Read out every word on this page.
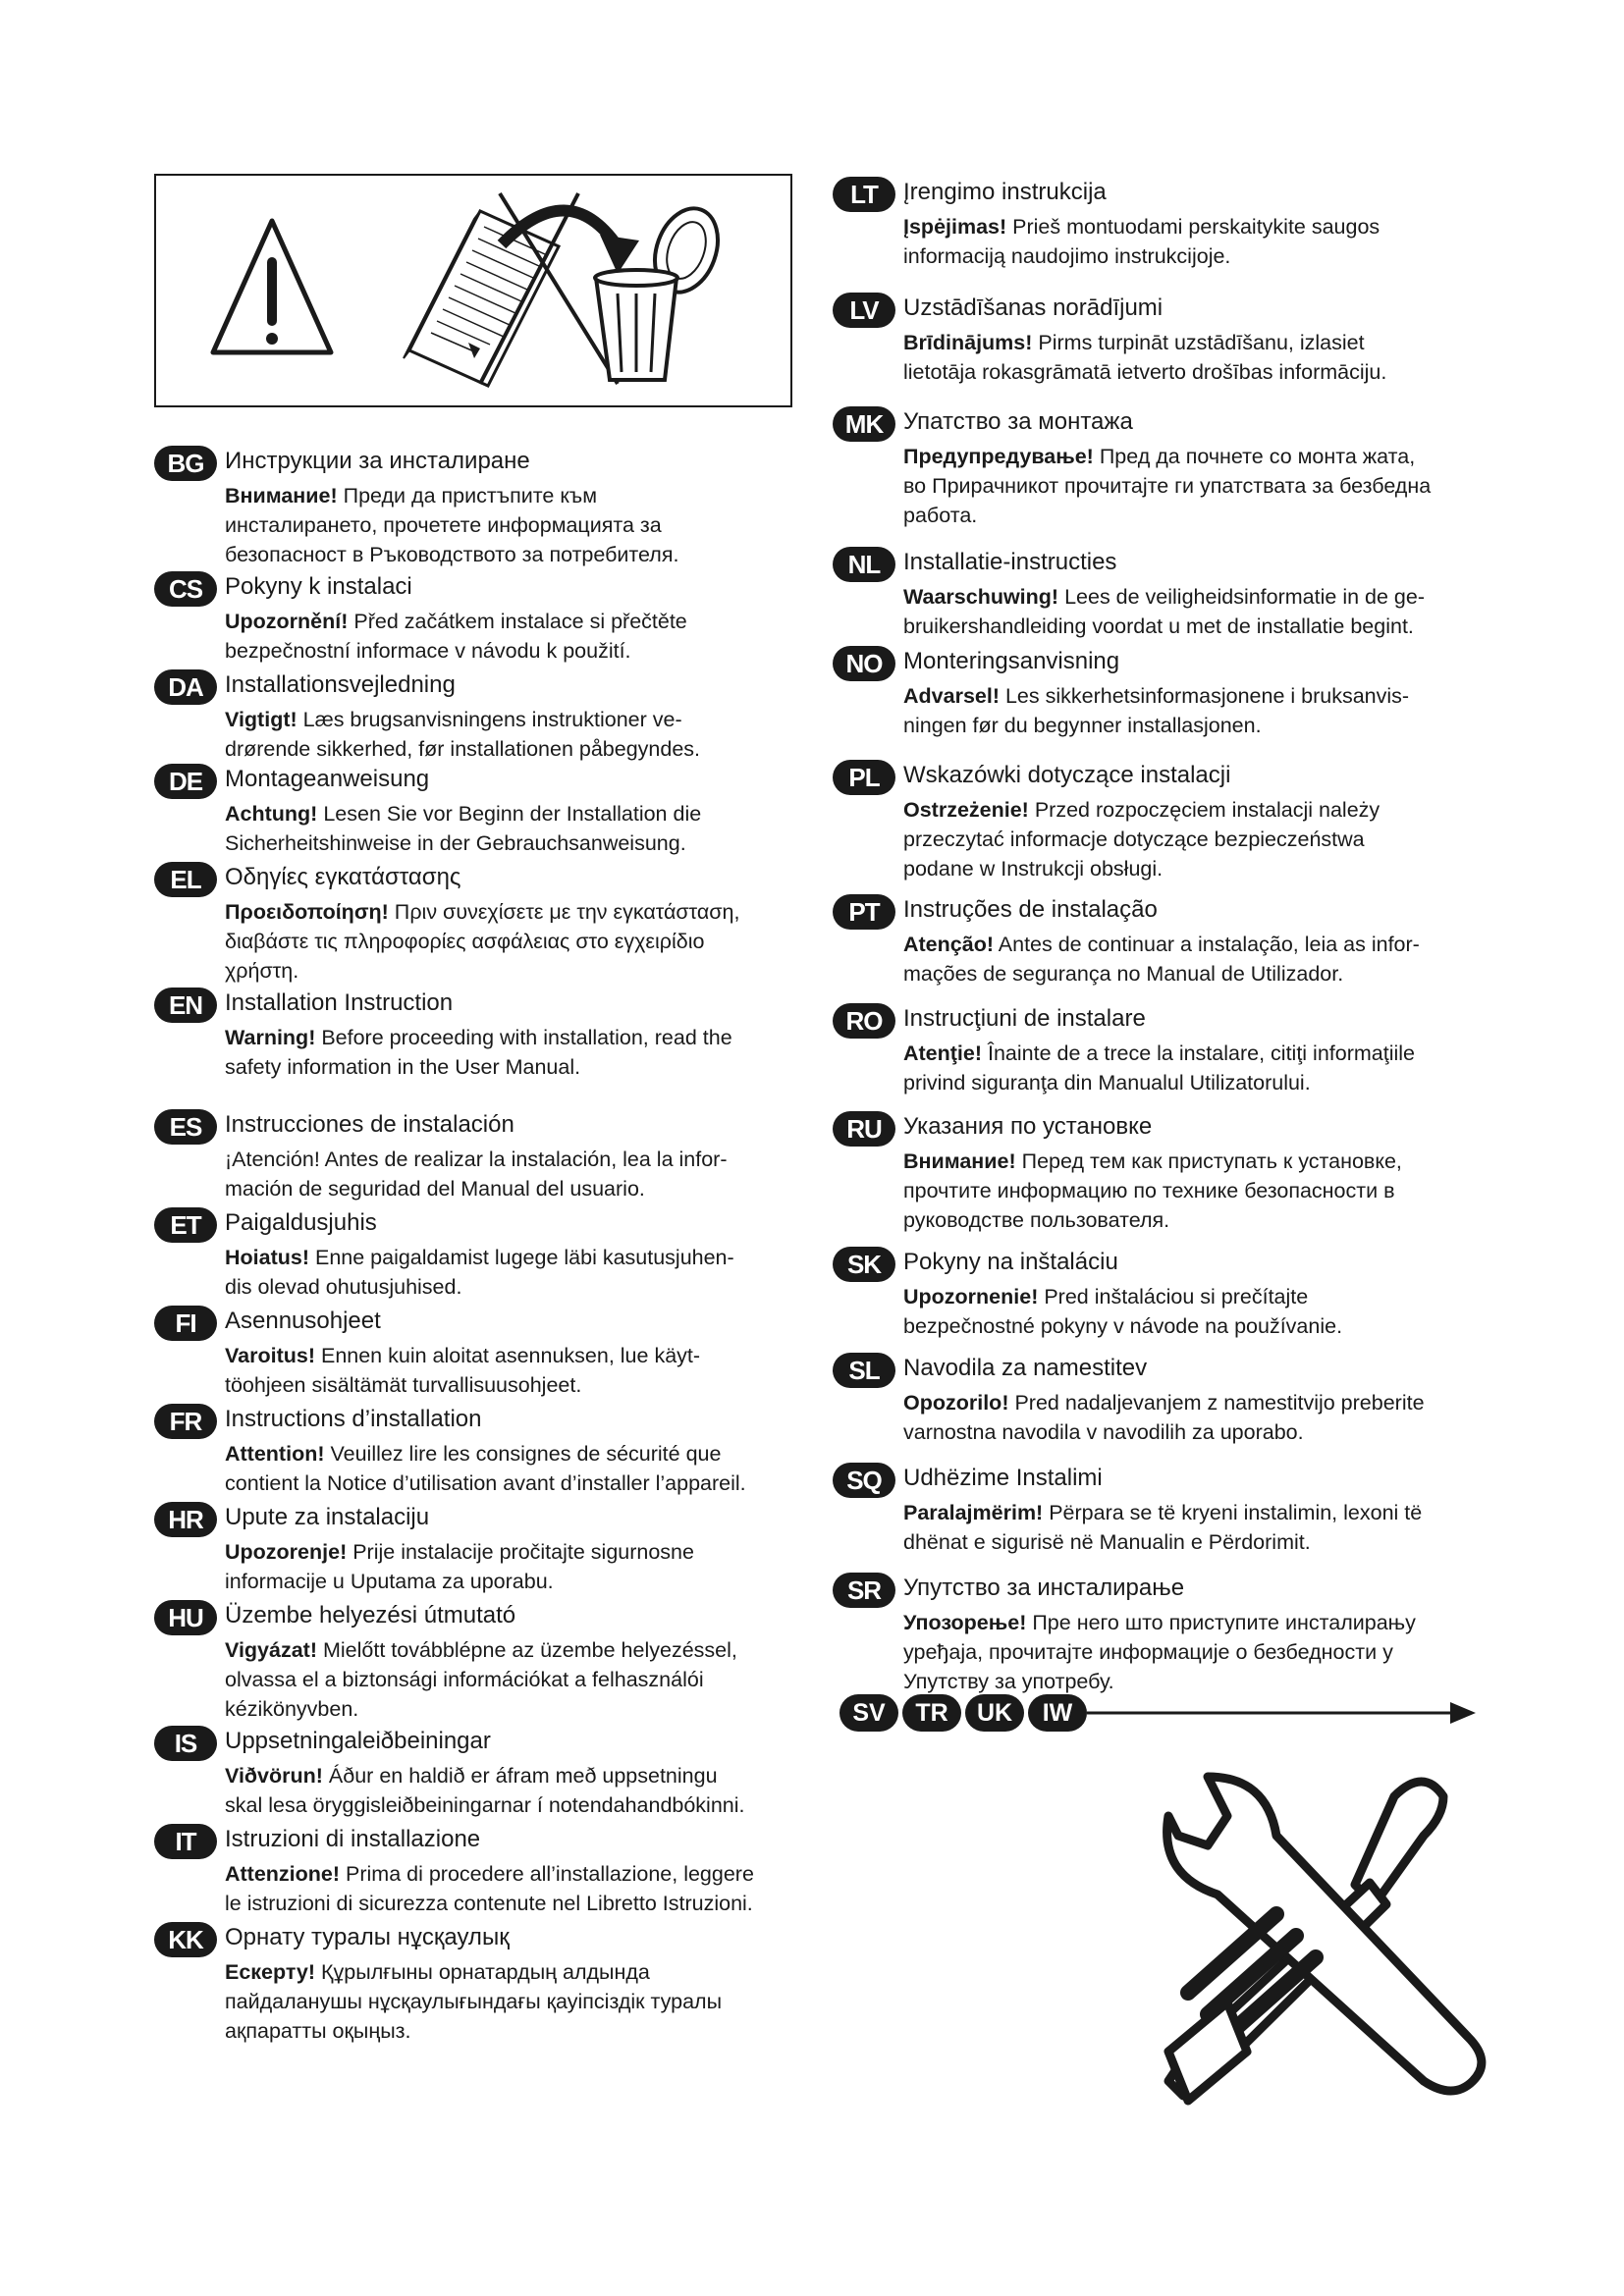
BG Инструкции за инсталиране
Внимание! Преди да пристъпите към
инсталирането, прочетете информацията за
безопасност в Ръководството за потребителя.
CS Pokyny k instalaci
Upozornění! Před začátkem instalace si přečtěte
bezpečnostní informace v návodu k použití.
DA Installationsvejledning
Vigtigt! Læs brugsanvisningens instruktioner ve-
drørende sikkerhed, før installationen påbegyndes.
DE Montageanweisung
Achtung! Lesen Sie vor Beginn der Installation die
Sicherheitshinweise in der Gebrauchsanweisung.
EL	Οδηγίες εγκατάστασης
Προειδοποίηση! Πριν συνεχίσετε με την εγκατάσταση,
διαβάστε τις πληροφορίες ασφάλειας στο εγχειρίδιο
χρήστη.
EN Installation Instruction
Warning! Before proceeding with installation, read the
safety information in the User Manual.
ES Instrucciones de instalación
¡Atención! Antes de realizar la instalación, lea la infor-
mación de seguridad del Manual del usuario.
ET	Paigaldusjuhis
Hoiatus! Enne paigaldamist lugege läbi kasutusjuhen-
dis olevad ohutusjuhised.
FI	Asennusohjeet
Varoitus! Ennen kuin aloitat asennuksen, lue käyt-
töohjeen sisältämät turvallisuusohjeet.
FR Instructions d’installation
Attention! Veuillez lire les consignes de sécurité que
contient la Notice d’utilisation avant d’installer l’appareil.
HR Upute za instalaciju
Upozorenje! Prije instalacije pročitajte sigurnosne
informacije u Uputama za uporabu.
HU Üzembe helyezési útmutató
Vigyázat! Mielőtt továbblépne az üzembe helyezéssel,
olvassa el a biztonsági információkat a felhasználói
kézikönyvben.
IS	Uppsetningaleiðbeiningar
Viðvörun! Áður en haldið er áfram með uppsetningu
skal lesa öryggisleiðbeiningarnar í notendahandbókinni.
IT	Istruzioni di installazione
Attenzione! Prima di procedere all’installazione, leggere
le istruzioni di sicurezza contenute nel Libretto Istruzioni.
KK Орнату туралы нұсқаулық
Ескерту! Құрылғыны орнатардың алдында
пайдаланушы нұсқаулығындағы қауіпсіздік туралы
ақпаратты оқыңыз.
LT	Įrengimo instrukcija
Įspėjimas! Prieš montuodami perskaitykite saugos
informaciją naudojimo instrukcijoje.
LV	Uzstādīšanas norādījumi
Brīdinājums! Pirms turpināt uzstādīšanu, izlasiet
lietotāja rokasgrāmatā ietverto drošības informāciju.
MK Упатство за монтажа
Предупредување! Пред да почнете со монта жата,
во Прирачникот прочитајте ги упатствата за безбедна
работа.
NL Installatie-instructies
Waarschuwing! Lees de veiligheidsinformatie in de ge-
bruikershandleiding voordat u met de installatie begint.
NO Monteringsanvisning
Advarsel! Les sikkerhetsinformasjonene i bruksanvis-
ningen før du begynner installasjonen.
PL	Wskazówki dotyczące instalacji
Ostrzeżenie! Przed rozpoczęciem instalacji należy
przeczytać informacje dotyczące bezpieczeństwa
podane w Instrukcji obsługi.
PT	Instruções de instalação
Atenção! Antes de continuar a instalação, leia as infor-
mações de segurança no Manual de Utilizador.
RO Instrucţiuni de instalare
Atenţie! Înainte de a trece la instalare, citiţi informaţiile
privind siguranţa din Manualul Utilizatorului.
RU Указания по установке
Внимание! Перед тем как приступать к установке,
прочтите информацию по технике безопасности в
руководстве пользователя.
SK Pokyny na inštaláciu
Upozornenie! Pred inštaláciou si prečítajte
bezpečnostné pokyny v návode na používanie.
SL	Navodila za namestitev
Opozorilo! Pred nadaljevanjem z namestitvijo preberite
varnostna navodila v navodilih za uporabo.
SQ Udhëzime Instalimi
Paralajmërim! Përpara se të kryeni instalimin, lexoni të
dhënat e sigurisë në Manualin e Përdorimit.
SR Упутство за инсталирање
Упозорење! Пре него што приступите инсталирању
уређаја, прочитајте информације о безбедности у
Упутству за употребу.
SV	TR	UK	IW
